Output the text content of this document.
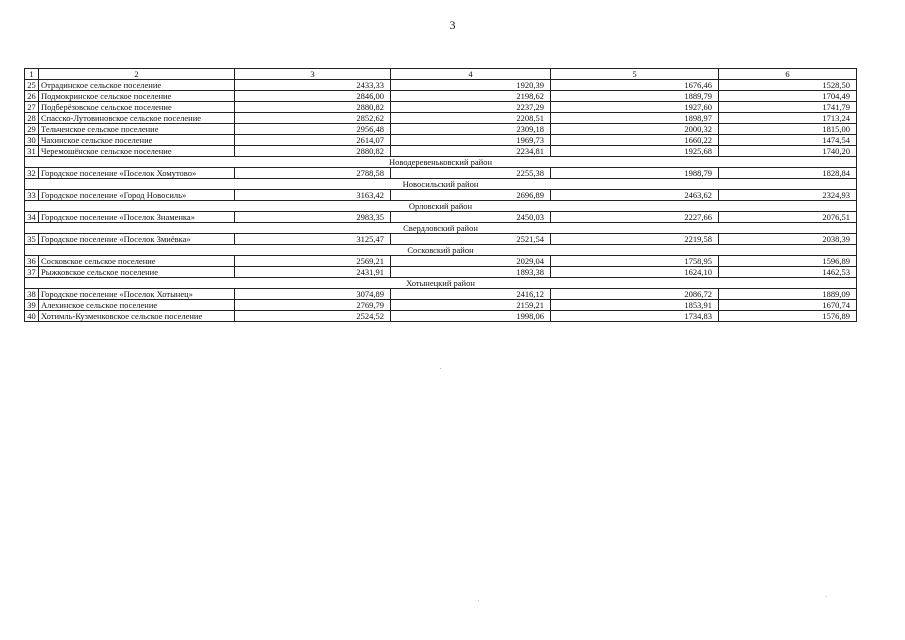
3
1	2	3	4	5	6
25	Отрадинское сельское поселение	2433,33	1920,39	1676,46	1528,50
26	Подмокринское сельское поселение	2846,00	2198,62	1889,79	1704,49
27	Подберёзовское сельское поселение	2880,82	2237,29	1927,60	1741,79
28	Спасско-Лутовиновское сельское поселение	2852,62	2208,51	1898,97	1713,24
29	Тельченское сельское поселение	2956,48	2309,18	2000,32	1815,00
30	Чахинское сельское поселение	2614,07	1969,73	1660,22	1474,54
31	Черемошёнское сельское поселение	2880,82	2234,81	1925,68	1740,20
Новодеревеньковский район					
32	Городское поселение «Поселок Хомутово»	2788,58	2255,38	1988,79	1828,84
Новосильский район					
33	Городское поселение «Город Новосиль»	3163,42	2696,89	2463,62	2324,93
Орловский район					
34	Городское поселение «Поселок Знаменка»	2983,35	2450,03	2227,66	2076,51
Свердловский район					
35	Городское поселение «Поселок Змиёвка»	3125,47	2521,54	2219,58	2038,39
Сосковский район					
36	Сосковское сельское поселение	2569,21	2029,04	1758,95	1596,89
37	Рыжковское сельское поселение	2431,91	1893,38	1624,10	1462,53
Хотынецкий район					
38	Городское поселение «Поселок Хотынец»	3074,89	2416,12	2086,72	1889,09
39	Алехинское сельское поселение	2769,79	2159,21	1853,91	1670,74
40	Хотимль-Кузменковское сельское поселение	2524,52	1998,06	1734,83	1576,89
